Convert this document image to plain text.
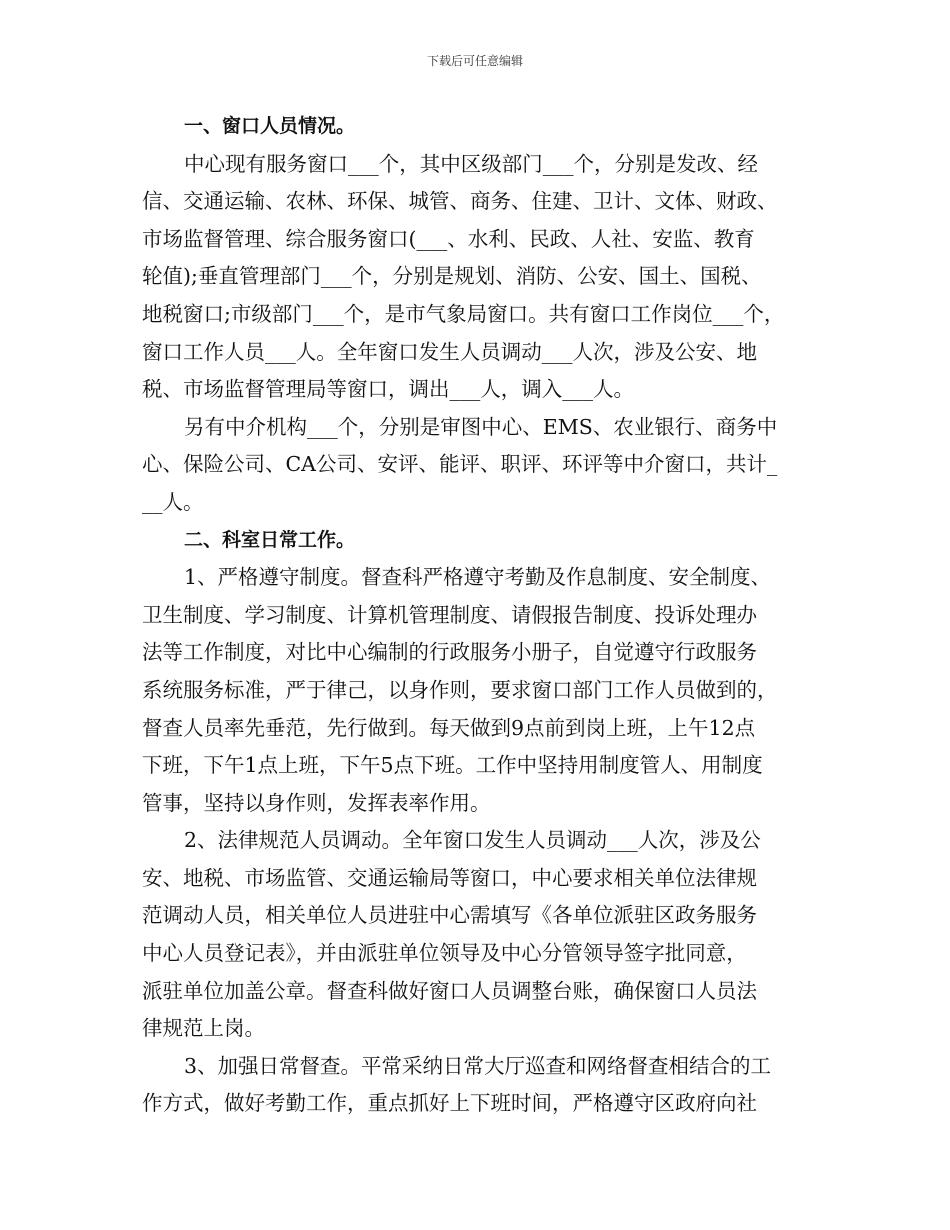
下载后可任意编辑
一、窗口人员情况。
中心现有服务窗口___个，其中区级部门___个，分别是发改、经
信、交通运输、农林、环保、城管、商务、住建、卫计、文体、财政、
市场监督管理、综合服务窗口(___、水利、民政、人社、安监、教育
轮值);垂直管理部门___个，分别是规划、消防、公安、国土、国税、
地税窗口;市级部门___个，是市气象局窗口。共有窗口工作岗位___个，
窗口工作人员___人。全年窗口发生人员调动___人次，涉及公安、地
税、市场监督管理局等窗口，调出___人，调入___人。
另有中介机构___个，分别是审图中心、EMS、农业银行、商务中
心、保险公司、CA公司、安评、能评、职评、环评等中介窗口，共计_
__人。
二、科室日常工作。
1、严格遵守制度。督查科严格遵守考勤及作息制度、安全制度、
卫生制度、学习制度、计算机管理制度、请假报告制度、投诉处理办
法等工作制度，对比中心编制的行政服务小册子，自觉遵守行政服务
系统服务标准，严于律己，以身作则，要求窗口部门工作人员做到的，
督查人员率先垂范，先行做到。每天做到9点前到岗上班，上午12点
下班，下午1点上班，下午5点下班。工作中坚持用制度管人、用制度
管事，坚持以身作则，发挥表率作用。
2、法律规范人员调动。全年窗口发生人员调动___人次，涉及公
安、地税、市场监管、交通运输局等窗口，中心要求相关单位法律规
范调动人员，相关单位人员进驻中心需填写《各单位派驻区政务服务
中心人员登记表》，并由派驻单位领导及中心分管领导签字批同意，
派驻单位加盖公章。督查科做好窗口人员调整台账，确保窗口人员法
律规范上岗。
3、加强日常督查。平常采纳日常大厅巡查和网络督查相结合的工
作方式，做好考勤工作，重点抓好上下班时间，严格遵守区政府向社
